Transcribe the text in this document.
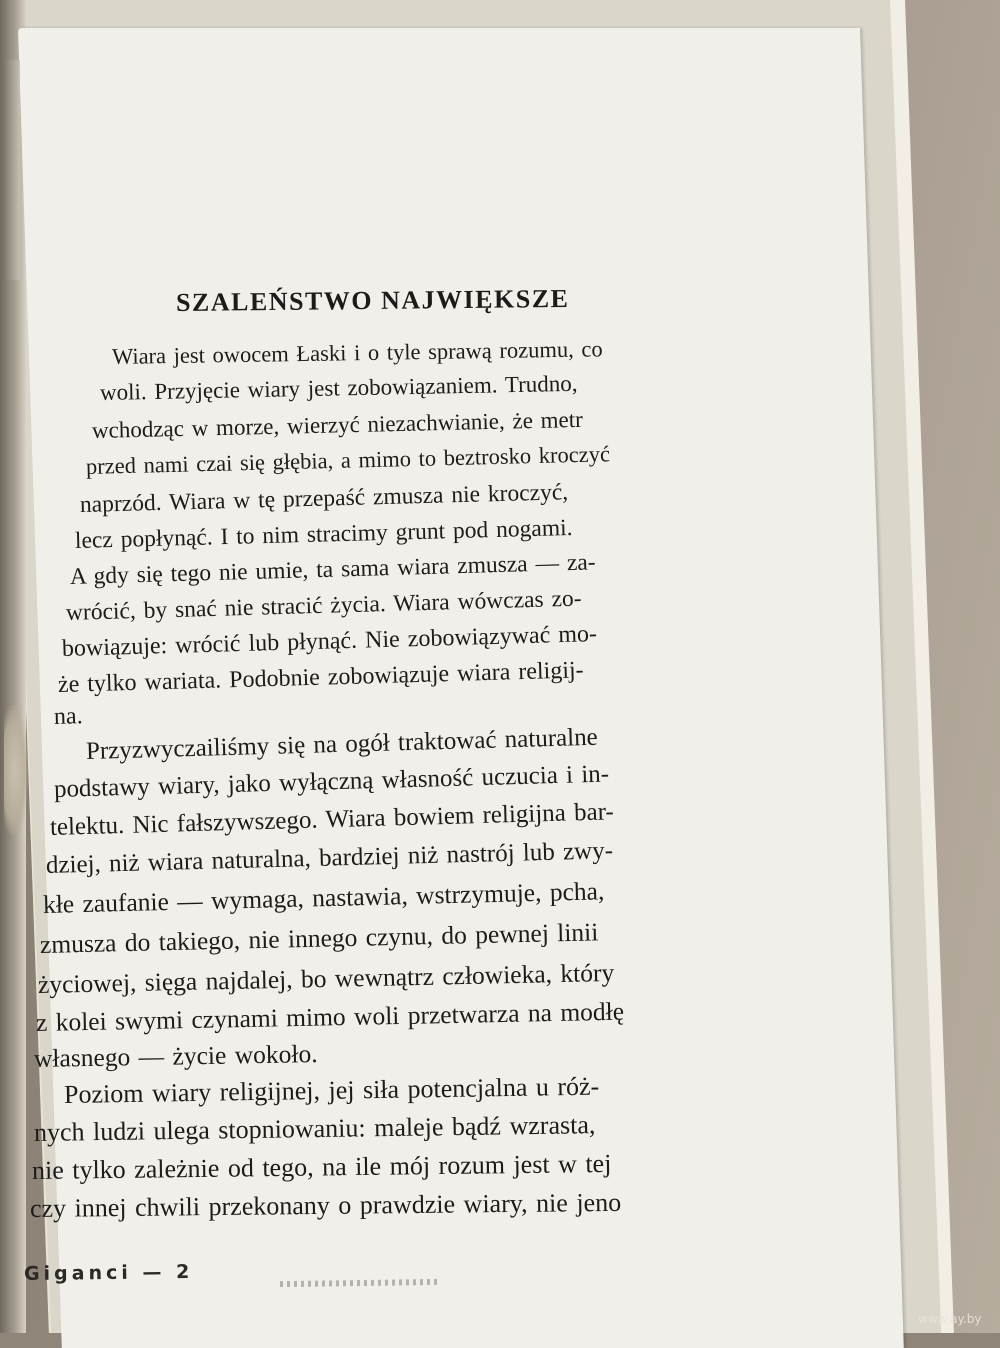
SZALEŃSTWO NAJWIĘKSZE
Wiara jest owocem Łaski i o tyle sprawą rozumu, co
woli. Przyjęcie wiary jest zobowiązaniem. Trudno,
wchodząc w morze, wierzyć niezachwianie, że metr
przed nami czai się głębia, a mimo to beztrosko kroczyć
naprzód. Wiara w tę przepaść zmusza nie kroczyć,
lecz popłynąć. I to nim stracimy grunt pod nogami.
A gdy się tego nie umie, ta sama wiara zmusza — za-
wrócić, by snać nie stracić życia. Wiara wówczas zo-
bowiązuje: wrócić lub płynąć. Nie zobowiązywać mo-
że tylko wariata. Podobnie zobowiązuje wiara religij-
na.
Przyzwyczailiśmy się na ogół traktować naturalne
podstawy wiary, jako wyłączną własność uczucia i in-
telektu. Nic fałszywszego. Wiara bowiem religijna bar-
dziej, niż wiara naturalna, bardziej niż nastrój lub zwy-
kłe zaufanie — wymaga, nastawia, wstrzymuje, pcha,
zmusza do takiego, nie innego czynu, do pewnej linii
życiowej, sięga najdalej, bo wewnątrz człowieka, który
z kolei swymi czynami mimo woli przetwarza na modłę
własnego — życie wokoło.
Poziom wiary religijnej, jej siła potencjalna u róż-
nych ludzi ulega stopniowaniu: maleje bądź wzrasta,
nie tylko zależnie od tego, na ile mój rozum jest w tej
czy innej chwili przekonany o prawdzie wiary, nie jeno
Giganci — 2
www.ay.by
